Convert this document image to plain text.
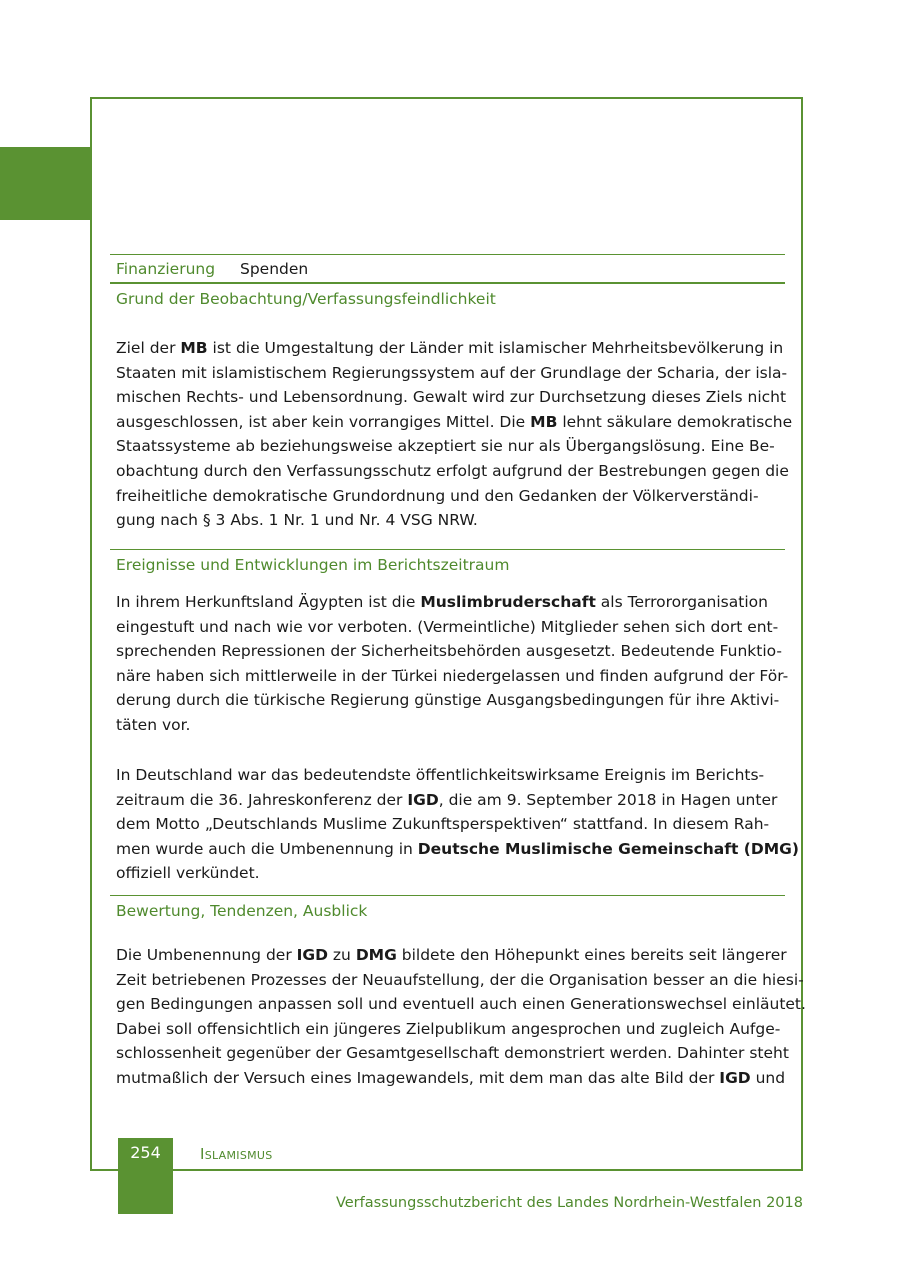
Finanzierung Spenden
Grund der Beobachtung/Verfassungsfeindlichkeit

Ziel der MB ist die Umgestaltung der Länder mit islamischer Mehrheitsbevölkerung in

Staaten mit islamistischem Regierungssystem auf der Grundlage der Scharia, der isla-

mischen Rechts- und Lebensordnung. Gewalt wird zur Durchsetzung dieses Ziels nicht

ausgeschlossen, ist aber kein vorrangiges Mittel. Die MB lehnt säkulare demokratische

Staatssysteme ab beziehungsweise akzeptiert sie nur als Übergangslösung. Eine Be-

obachtung durch den Verfassungsschutz erfolgt aufgrund der Bestrebungen gegen die

freiheitliche demokratische Grundordnung und den Gedanken der Völkerverständi-

gung nach § 3 Abs. 1 Nr. 1 und Nr. 4 VSG NRW.

Ereignisse und Entwicklungen im Berichtszeitraum

In ihrem Herkunftsland Ägypten ist die Muslimbruderschaft als Terrororganisation

eingestuft und nach wie vor verboten. (Vermeintliche) Mitglieder sehen sich dort ent-

sprechenden Repressionen der Sicherheitsbehörden ausgesetzt. Bedeutende Funktio-

näre haben sich mittlerweile in der Türkei niedergelassen und finden aufgrund der För-

derung durch die türkische Regierung günstige Ausgangsbedingungen für ihre Aktivi-

täten vor.

In Deutschland war das bedeutendste öffentlichkeitswirksame Ereignis im Berichts-

zeitraum die 36. Jahreskonferenz der IGD, die am 9. September 2018 in Hagen unter

dem Motto „Deutschlands Muslime Zukunftsperspektiven“ stattfand. In diesem Rah-

men wurde auch die Umbenennung in Deutsche Muslimische Gemeinschaft (DMG)

offiziell verkündet.

Bewertung, Tendenzen, Ausblick

Die Umbenennung der IGD zu DMG bildete den Höhepunkt eines bereits seit längerer

Zeit betriebenen Prozesses der Neuaufstellung, der die Organisation besser an die hiesi-

gen Bedingungen anpassen soll und eventuell auch einen Generationswechsel einläutet.

Dabei soll offensichtlich ein jüngeres Zielpublikum angesprochen und zugleich Aufge-

schlossenheit gegenüber der Gesamtgesellschaft demonstriert werden. Dahinter steht

mutmaßlich der Versuch eines Imagewandels, mit dem man das alte Bild der IGD und

254	Islamismus
Verfassungsschutzbericht des Landes Nordrhein-Westfalen 2018
